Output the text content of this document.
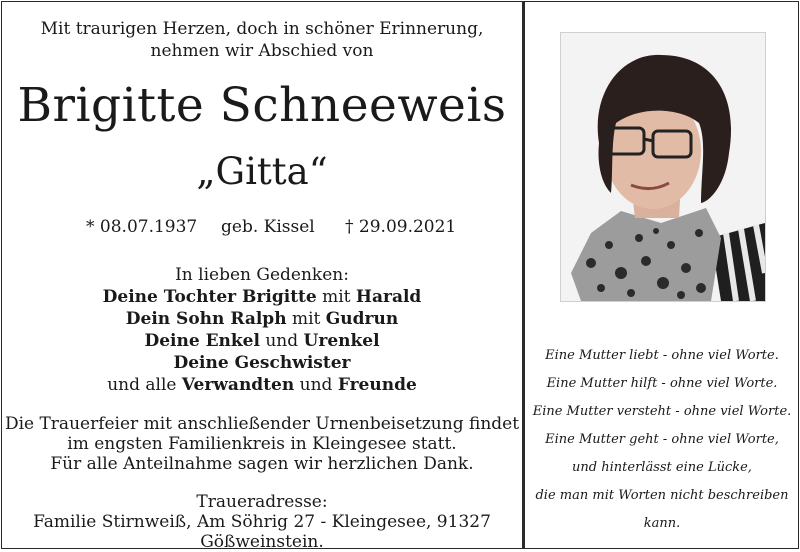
Mit traurigen Herzen, doch in schöner Erinnerung,
nehmen wir Abschied von
Brigitte Schneeweis
„Gitta“
* 08.07.1937 geb. Kissel † 29.09.2021
In lieben Gedenken:
Deine Tochter Brigitte mit Harald
Dein Sohn Ralph mit Gudrun
Deine Enkel und Urenkel
Deine Geschwister
und alle Verwandten und Freunde
Die Trauerfeier mit anschließender Urnenbeisetzung findet
im engsten Familienkreis in Kleingesee statt.
Für alle Anteilnahme sagen wir herzlichen Dank.
Traueradresse:
Familie Stirnweiß, Am Söhrig 27 - Kleingesee, 91327 Gößweinstein.
Eine Mutter liebt - ohne viel Worte.
Eine Mutter hilft - ohne viel Worte.
Eine Mutter versteht - ohne viel Worte.
Eine Mutter geht - ohne viel Worte,
und hinterlässt eine Lücke,
die man mit Worten nicht beschreiben kann.
